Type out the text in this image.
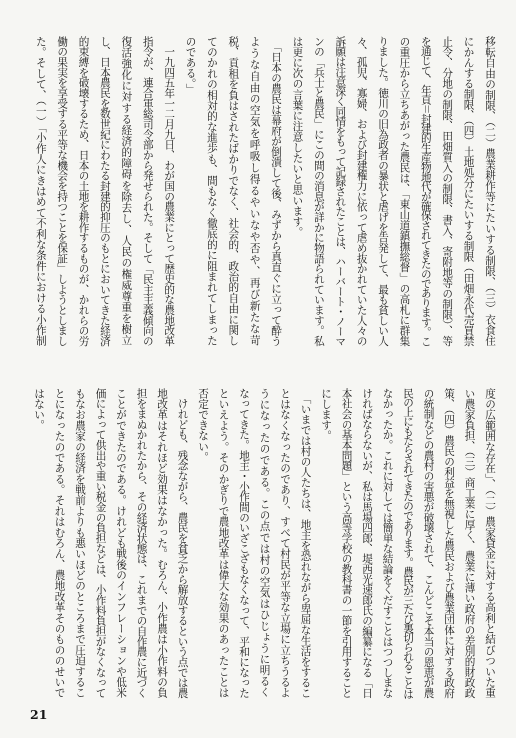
移転自由の制限、（二）農業耕作等にたいする制限、（三）衣食住
にかんする制限、（四）土地処分にたいする制限（田畑永代売買禁
止令、分地の制限、田畑質入の制限、書入、寄附地等の制限）、等
を通じて、年貢＝封建的生産物地代が確保されてきたのであります。こ
の重圧から立ちあがった農民は、「東山道鎮撫総督」の高札に群集
りました。徳川の旧為政者の暴状と虐げを告発して、最も貧しい人
々、孤児、寡婦、および封建権力に依って虐め抜かれていた人々の
訴願は注意深く同情をもって記録されたことは、ハーバート・ノーマ
ンの「兵士と農民」にこの間の消息が詳かに物語られています。私
は更に次の言葉に注意したいと思います。
　「日本の農民は幕府が倒潰して後、みずから真直ぐに立って酔う
ような自由の空気を呼吸し得るやいなや否や、再び新たな苛
税、貢租を負はされたばかりでなく、社会的、政治的自由に関し
てのかれの相対的な進歩も、間もなく徹底的に阻まれてしまった
のである。」
　一九四五年一二月九日、わが国の農業にとって歴史的な農地改革
指令が、連合軍総司令部から発せられた。そして「民主主義傾向の
復活強化に対する経済的障碍を除去し、人民の権威尊重を樹立
し、日本農民を数世紀にわたる封建的抑圧のもとにおいてきた経済
的束縛を破壊するため、日本の土地を耕作するものが、かれらの労
働の果実を享受する平等な機会を持つことを保証」しようとしまし
た。そして、（一）「小作人にきはめて不利な条件における小作制
度の広範囲な存在」、（二）農家貸金に対する高利と結びついた重
い農家負担、（三）商工業に厚く、農業に薄い政府の差別的財政政
策、（四）農民の利益を無視した農民および農業団体に対する政府
の統制などの農村の害悪が破壊されて、こんどこそ本当の恩恵が農
民の上にもたらされてきたのであります。農民が三たび裏切られることは
なかったか。これに対しては簡単な結論をくだすことはつつしまな
ければならないが、私は馬場四郎、堤西光速郎氏の編纂になる「日
本社会の基本問題」という高等学校の教科書の一節を引用すること
にします。
　「いまでは村の人たちは、地主を恐れながら卑屈な生活をするこ
とはなくなったのであり、すべて村民が平等な立場に立ちうるよ
うになったのである。この点では村の空気はひじょうに明るく
なってきた。地主・小作間のいざこざもなくなって、平和になった
といえよう。そのかぎりで農地改革は偉大な効果のあったことは
否定できない。
　けれども、残念ながら、農民を貧乏から解放するという点では農
地改革はそれほど効果はなかった。むろん、小作農は小作料の負
担をまぬかれたから、その経済状態は、これまでの自作農に近づく
ことができたのである。けれども戦後のインフレーションや低米
価によって供出や重い税金の負担などは、小作料負担がなくなって
もなお農家の経済を戦前よりも悪いほどのところまで圧迫するこ
とになったのである。それはむろん、農地改革そのもののせいで
はない。
21
